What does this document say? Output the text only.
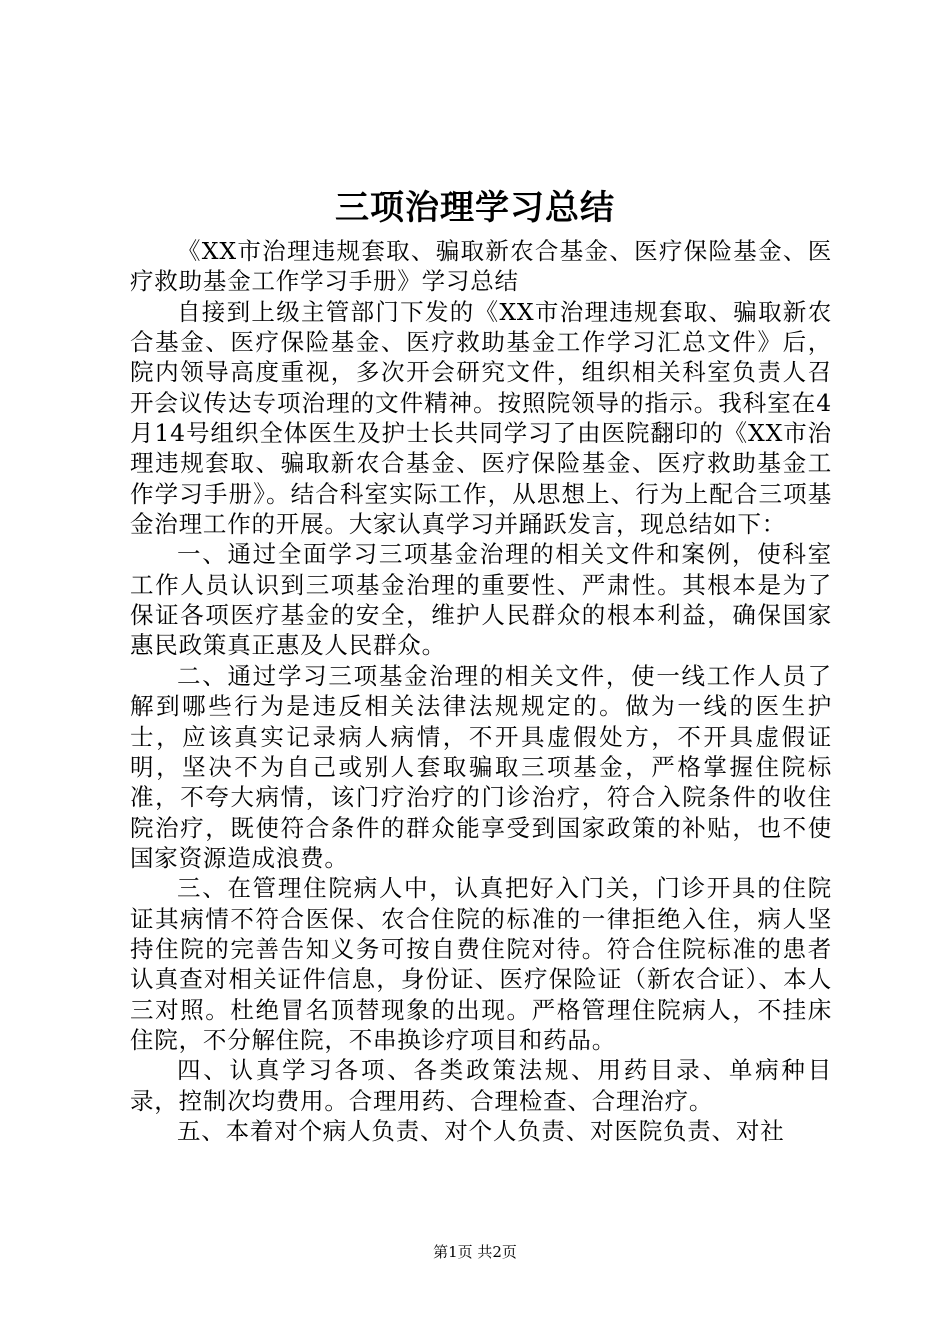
三项治理学习总结

《XX市治理违规套取、骗取新农合基金、医疗保险基金、医疗救助基金工作学习手册》学习总结

自接到上级主管部门下发的《XX市治理违规套取、骗取新农合基金、医疗保险基金、医疗救助基金工作学习汇总文件》后，院内领导高度重视，多次开会研究文件，组织相关科室负责人召开会议传达专项治理的文件精神。按照院领导的指示。我科室在4月14号组织全体医生及护士长共同学习了由医院翻印的《XX市治理违规套取、骗取新农合基金、医疗保险基金、医疗救助基金工作学习手册》。结合科室实际工作，从思想上、行为上配合三项基金治理工作的开展。大家认真学习并踊跃发言，现总结如下：

一、通过全面学习三项基金治理的相关文件和案例，使科室工作人员认识到三项基金治理的重要性、严肃性。其根本是为了保证各项医疗基金的安全，维护人民群众的根本利益，确保国家惠民政策真正惠及人民群众。

二、通过学习三项基金治理的相关文件，使一线工作人员了解到哪些行为是违反相关法律法规规定的。做为一线的医生护士，应该真实记录病人病情，不开具虚假处方，不开具虚假证明，坚决不为自己或别人套取骗取三项基金，严格掌握住院标准，不夸大病情，该门疗治疗的门诊治疗，符合入院条件的收住院治疗，既使符合条件的群众能享受到国家政策的补贴，也不使国家资源造成浪费。

三、在管理住院病人中，认真把好入门关，门诊开具的住院证其病情不符合医保、农合住院的标准的一律拒绝入住，病人坚持住院的完善告知义务可按自费住院对待。符合住院标准的患者认真查对相关证件信息，身份证、医疗保险证（新农合证）、本人三对照。杜绝冒名顶替现象的出现。严格管理住院病人，不挂床住院，不分解住院，不串换诊疗项目和药品。

四、认真学习各项、各类政策法规、用药目录、单病种目录，控制次均费用。合理用药、合理检查、合理治疗。

五、本着对个病人负责、对个人负责、对医院负责、对社

第1页 共2页
